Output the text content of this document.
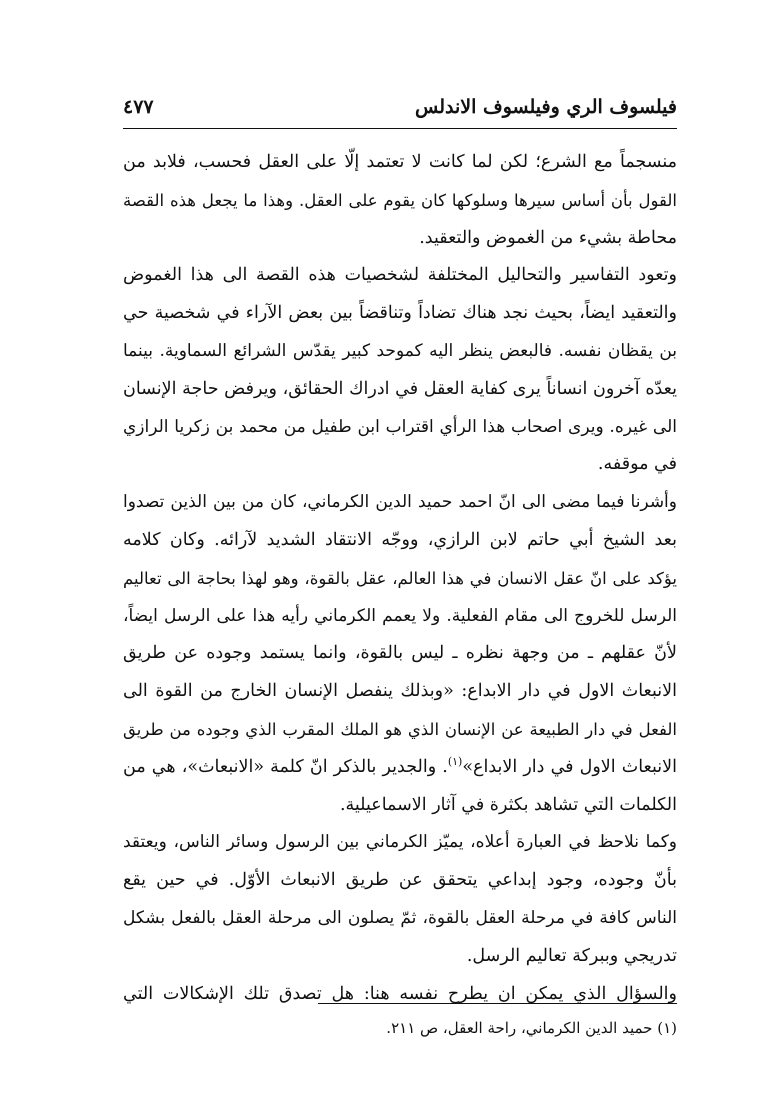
فيلسوف الري وفيلسوف الاندلس
٤٧٧
منسجماً مع الشرع؛ لكن لما كانت لا تعتمد إلّا على العقل فحسب، فلابد من
القول بأن أساس سيرها وسلوكها كان يقوم على العقل. وهذا ما يجعل هذه القصة
محاطة بشيء من الغموض والتعقيد.
وتعود التفاسير والتحاليل المختلفة لشخصيات هذه القصة الى هذا الغموض
والتعقيد ايضاً، بحيث نجد هناك تضاداً وتناقضاً بين بعض الآراء في شخصية حي
بن يقظان نفسه. فالبعض ينظر اليه كموحد كبير يقدّس الشرائع السماوية. بينما
يعدّه آخرون انساناً يرى كفاية العقل في ادراك الحقائق، ويرفض حاجة الإنسان
الى غيره. ويرى اصحاب هذا الرأي اقتراب ابن طفيل من محمد بن زكريا الرازي
في موقفه.
وأشرنا فيما مضى الى انّ احمد حميد الدين الكرماني، كان من بين الذين تصدوا
بعد الشيخ أبي حاتم لابن الرازي، ووجّه الانتقاد الشديد لآرائه. وكان كلامه
يؤكد على انّ عقل الانسان في هذا العالم، عقل بالقوة، وهو لهذا بحاجة الى تعاليم
الرسل للخروج الى مقام الفعلية. ولا يعمم الكرماني رأيه هذا على الرسل ايضاً،
لأنّ عقلهم ـ من وجهة نظره ـ ليس بالقوة، وانما يستمد وجوده عن طريق
الانبعاث الاول في دار الابداع: «وبذلك ينفصل الإنسان الخارج من القوة الى
الفعل في دار الطبيعة عن الإنسان الذي هو الملك المقرب الذي وجوده من طريق
الانبعاث الاول في دار الابداع»$^{(١)}$. والجدير بالذكر انّ كلمة «الانبعاث»، هي من
الكلمات التي تشاهد بكثرة في آثار الاسماعيلية.
وكما نلاحظ في العبارة أعلاه، يميّز الكرماني بين الرسول وسائر الناس، ويعتقد
بأنّ وجوده، وجود إبداعي يتحقق عن طريق الانبعاث الأوّل. في حين يقع
الناس كافة في مرحلة العقل بالقوة، ثمّ يصلون الى مرحلة العقل بالفعل بشكل
تدريجي وببركة تعاليم الرسل.
والسؤال الذي يمكن ان يطرح نفسه هنا: هل تصدق تلك الإشكالات التي
(١) حميد الدين الكرماني، راحة العقل، ص ٢١١.
